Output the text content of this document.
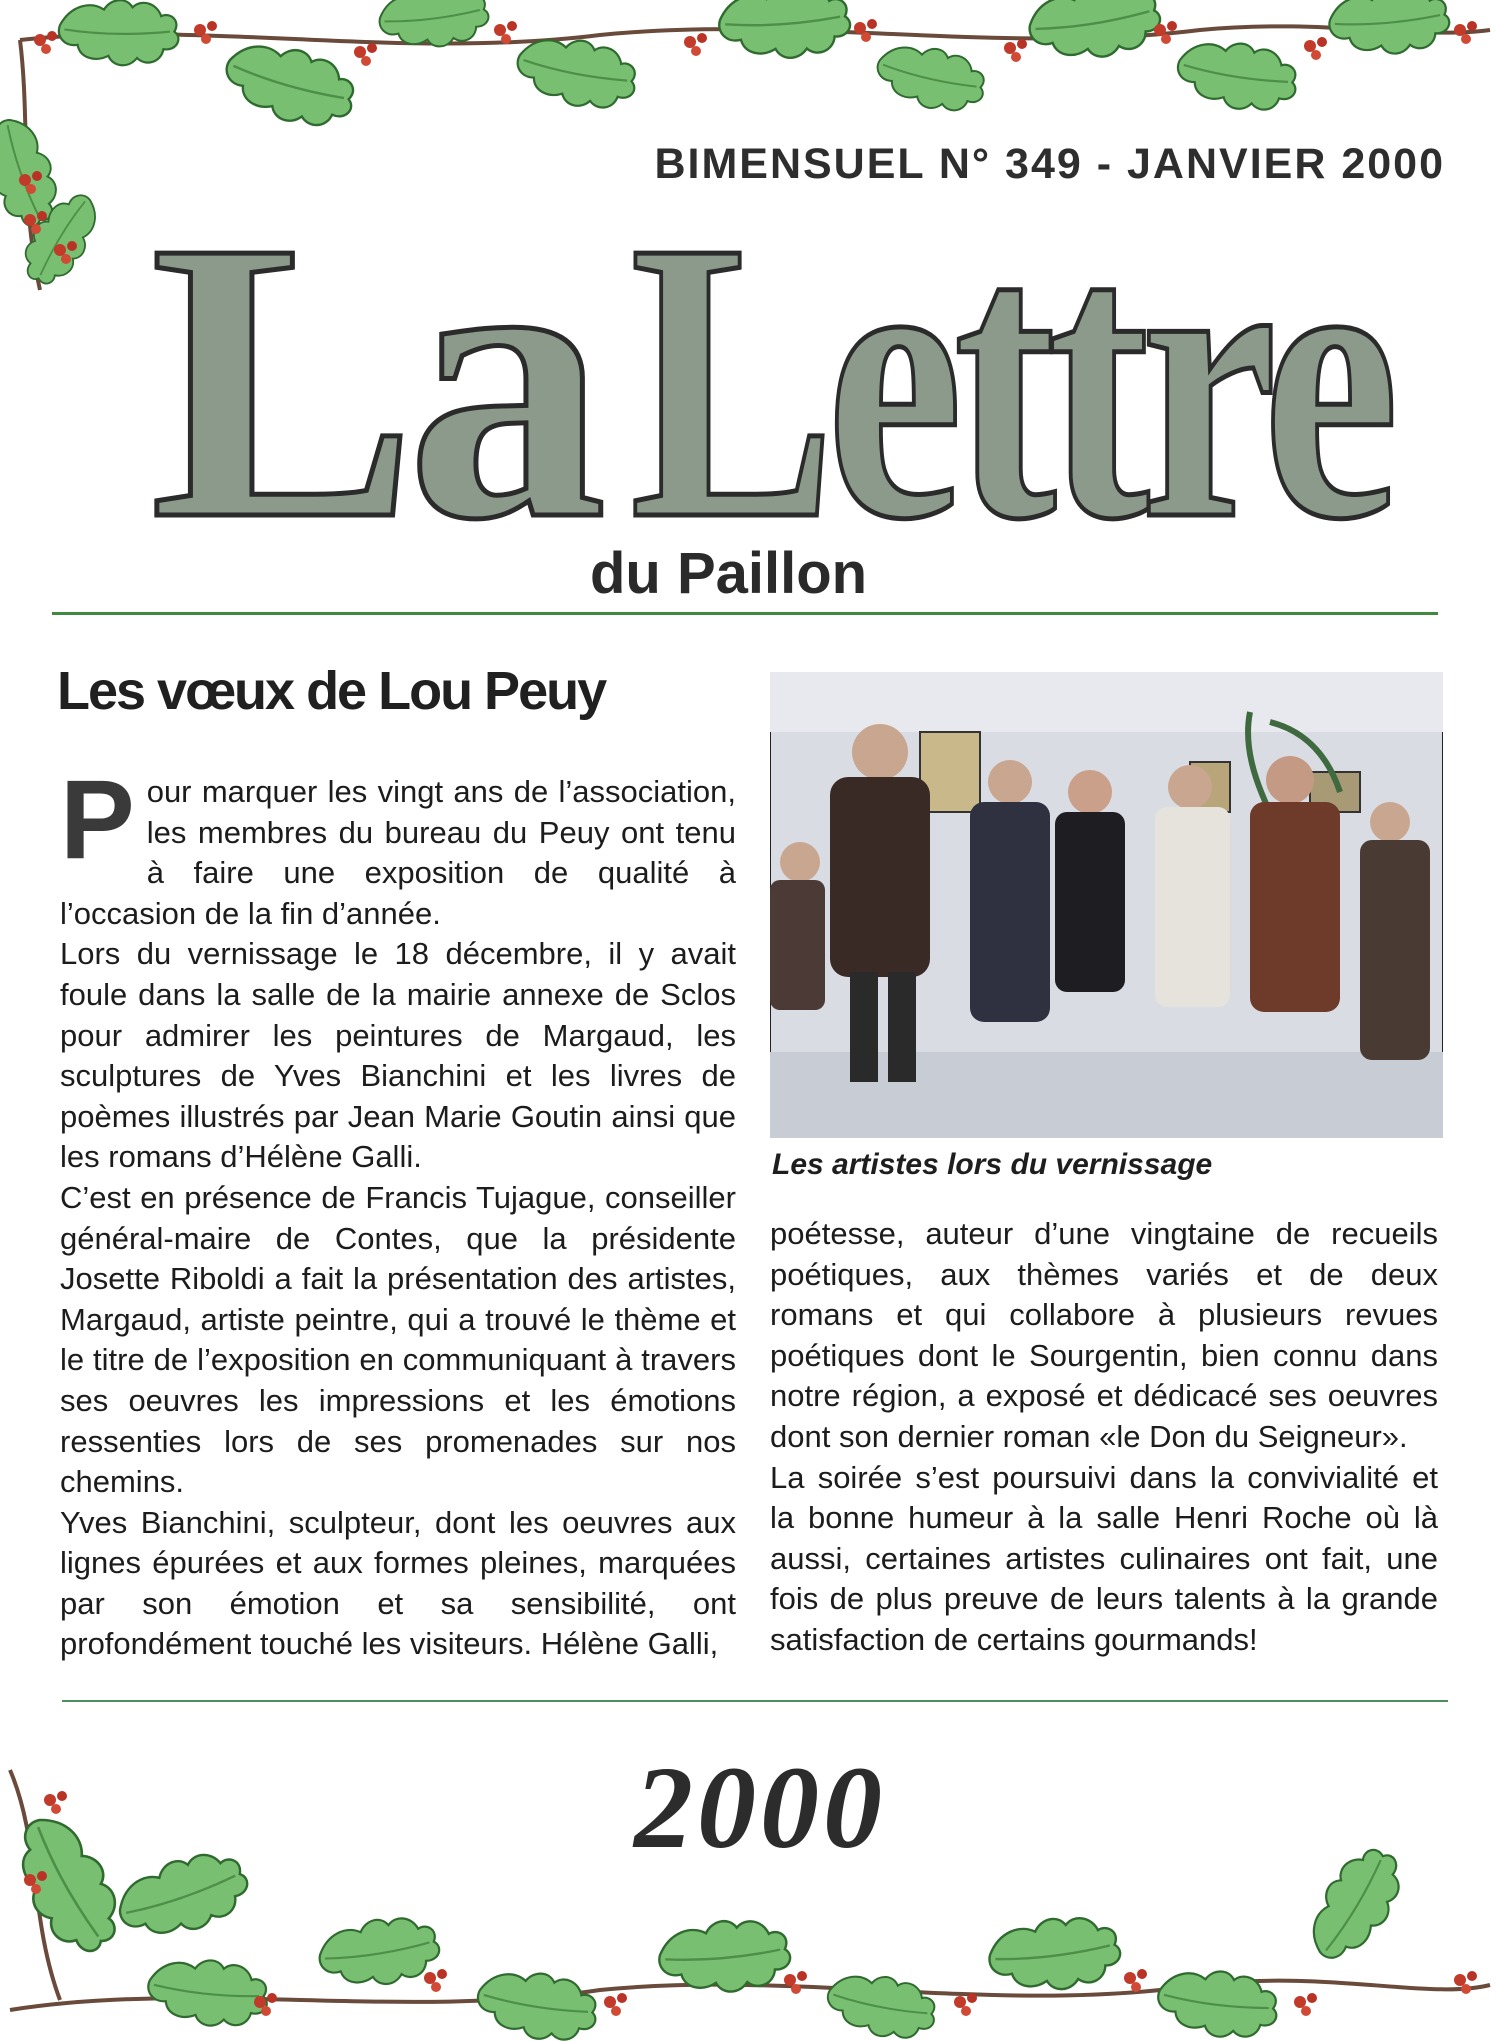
BIMENSUEL N° 349 - JANVIER 2000
La Lettre
du Paillon
Les vœux de Lou Peuy

Pour marquer les vingt ans de l’association, les membres du bureau du Peuy ont tenu à faire une exposition de qualité à l’occasion de la fin d’année.

Lors du vernissage le 18 décembre, il y avait foule dans la salle de la mairie annexe de Sclos pour admirer les peintures de Margaud, les sculptures de Yves Bianchini et les livres de poèmes illustrés par Jean Marie Goutin ainsi que les romans d’Hélène Galli.

C’est en présence de Francis Tujague, conseiller général-maire de Contes, que la présidente Josette Riboldi a fait la présentation des artistes, Margaud, artiste peintre, qui a trouvé le thème et le titre de l’exposition en communiquant à travers ses oeuvres les impressions et les émotions ressenties lors de ses promenades sur nos chemins.

Yves Bianchini, sculpteur, dont les oeuvres aux lignes épurées et aux formes pleines, marquées par son émotion et sa sensibilité, ont profondément touché les visiteurs. Hélène Galli,

Les artistes lors du vernissage

poétesse, auteur d’une vingtaine de recueils poétiques, aux thèmes variés et de deux romans et qui collabore à plusieurs revues poétiques dont le Sourgentin, bien connu dans notre région, a exposé et dédicacé ses oeuvres dont son dernier roman «le Don du Seigneur».

La soirée s’est poursuivi dans la convivialité et la bonne humeur à la salle Henri Roche où là aussi, certaines artistes culinaires ont fait, une fois de plus preuve de leurs talents à la grande satisfaction de certains gourmands!

2000
